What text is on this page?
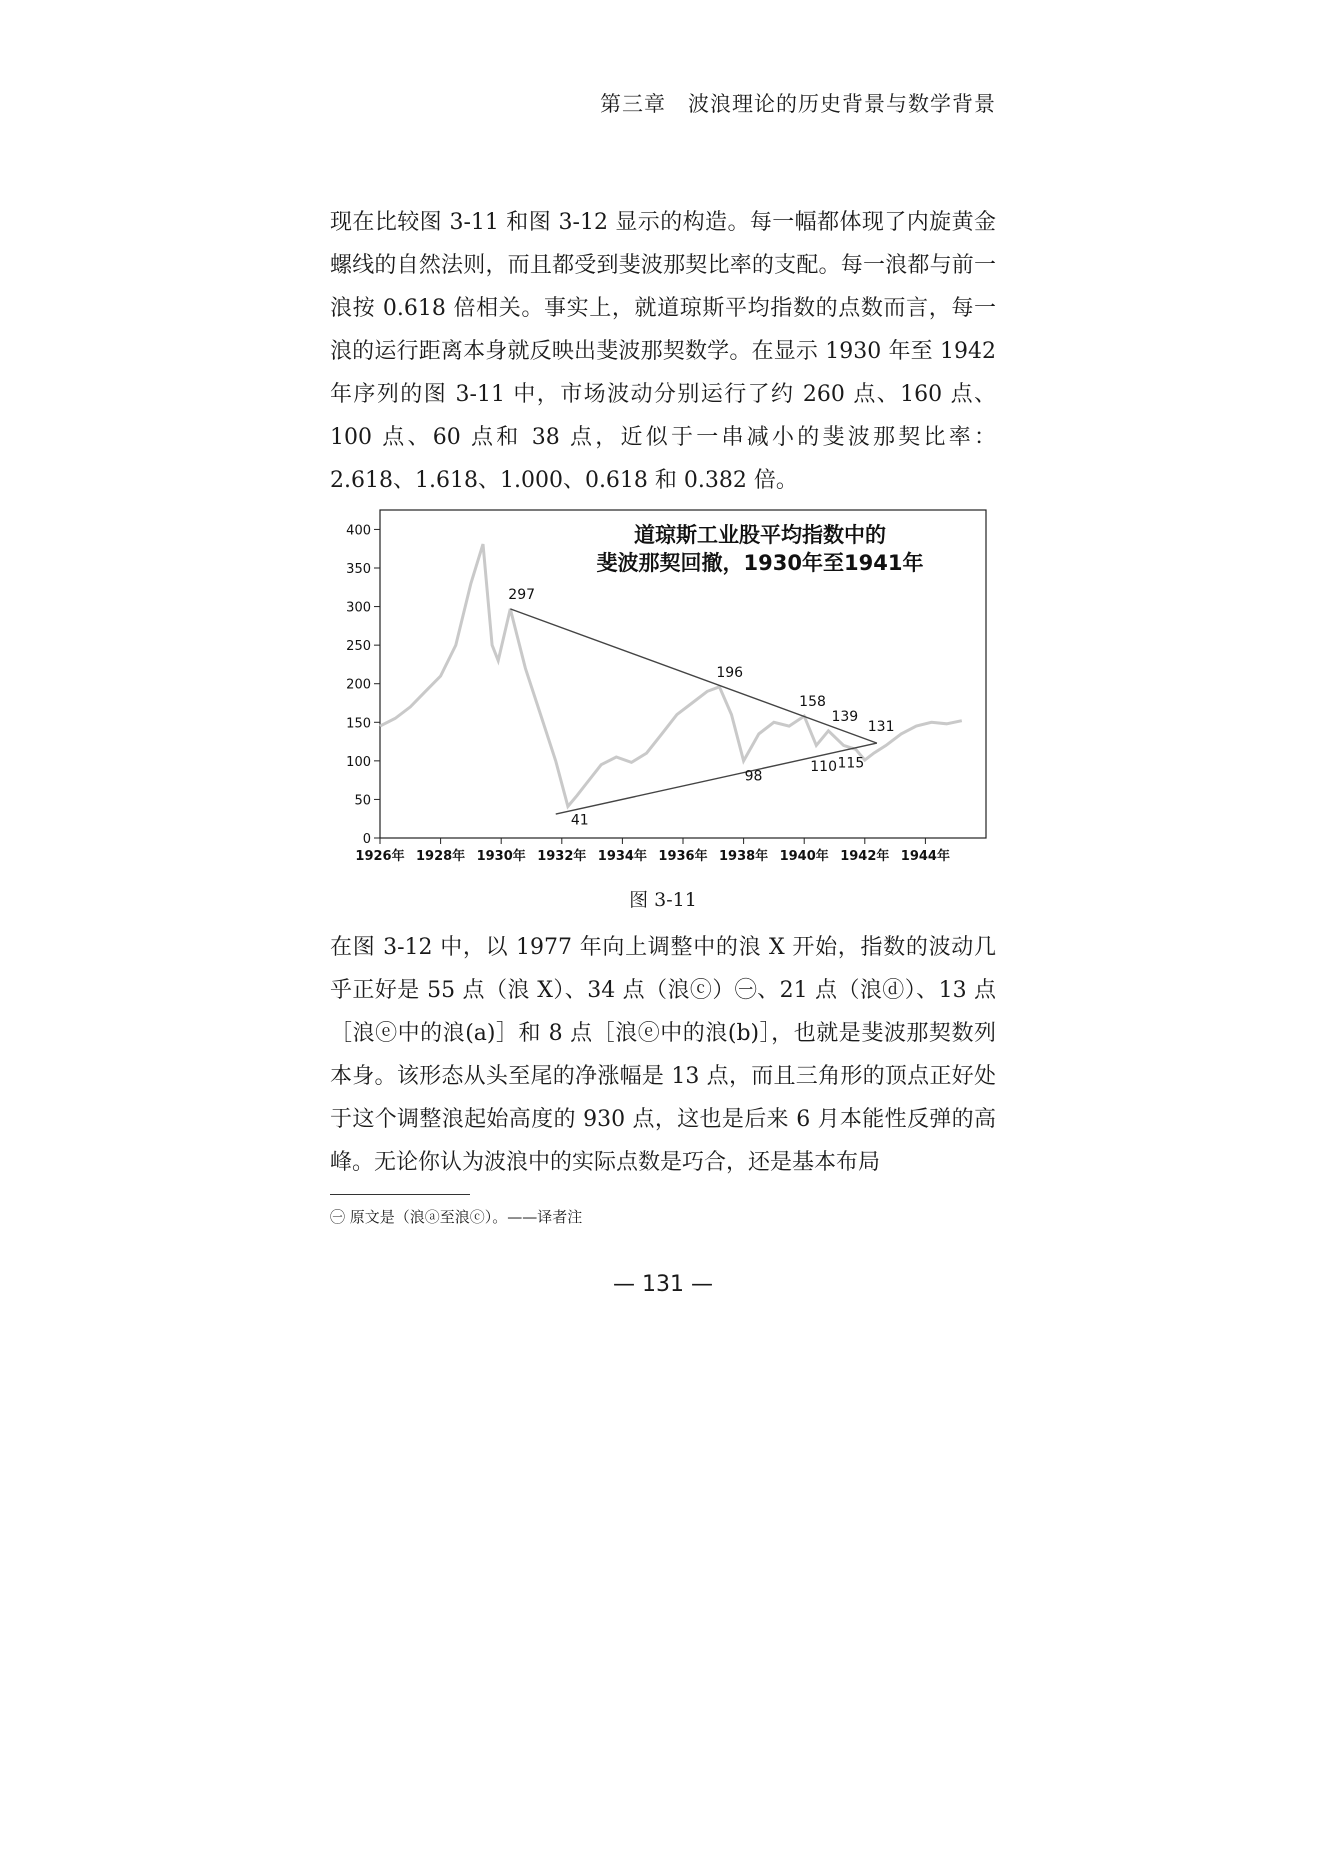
第三章　波浪理论的历史背景与数学背景

现在比较图 3-11 和图 3-12 显示的构造。每一幅都体现了内旋黄金螺线的自然法则，而且都受到斐波那契比率的支配。每一浪都与前一浪按 0.618 倍相关。事实上，就道琼斯平均指数的点数而言，每一浪的运行距离本身就反映出斐波那契数学。在显示 1930 年至 1942 年序列的图 3-11 中，市场波动分别运行了约 260 点、160 点、100 点、60 点和 38 点，近似于一串减小的斐波那契比率：2.618、1.618、1.000、0.618 和 0.382 倍。

0
50
100
150
200
250
300
350
400
1926年 1928年 1930年 1932年 1934年 1936年 1938年 1940年 1942年 1944年
297
196
158
139
131
41
98
110 115
道琼斯工业股平均指数中的
斐波那契回撤，1930年至1941年
图 3-11

在图 3-12 中，以 1977 年向上调整中的浪 X 开始，指数的波动几乎正好是 55 点（浪 X）、34 点（浪ⓒ）㊀、21 点（浪ⓓ）、13 点［浪ⓔ中的浪(a)］和 8 点［浪ⓔ中的浪(b)］，也就是斐波那契数列本身。该形态从头至尾的净涨幅是 13 点，而且三角形的顶点正好处于这个调整浪起始高度的 930 点，这也是后来 6 月本能性反弹的高峰。无论你认为波浪中的实际点数是巧合，还是基本布局

㊀ 原文是（浪ⓐ至浪ⓒ）。——译者注
— 131 —
